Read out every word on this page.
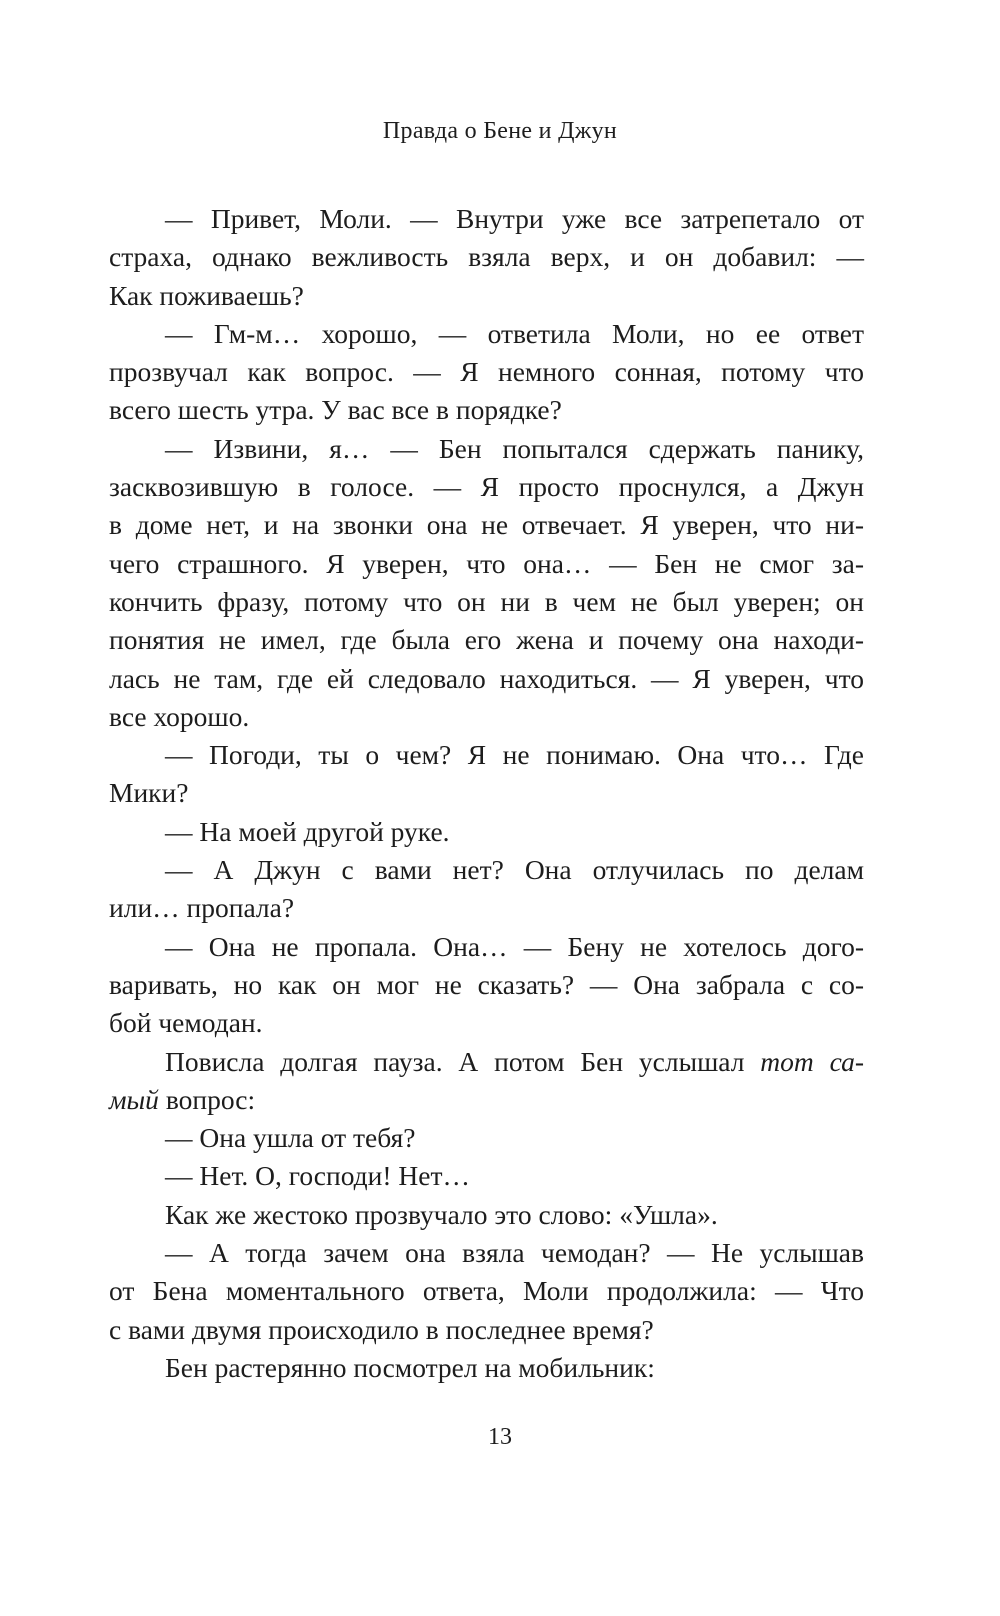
Правда о Бене и Джун
— Привет, Моли. — Внутри уже все затрепетало от
страха, однако вежливость взяла верх, и он добавил: —
Как поживаешь?
— Гм-м… хорошо, — ответила Моли, но ее ответ
прозвучал как вопрос. — Я немного сонная, потому что
всего шесть утра. У вас все в порядке?
— Извини, я… — Бен попытался сдержать панику,
засквозившую в голосе. — Я просто проснулся, а Джун
в доме нет, и на звонки она не отвечает. Я уверен, что ни-
чего страшного. Я уверен, что она… — Бен не смог за-
кончить фразу, потому что он ни в чем не был уверен; он
понятия не имел, где была его жена и почему она находи-
лась не там, где ей следовало находиться. — Я уверен, что
все хорошо.
— Погоди, ты о чем? Я не понимаю. Она что… Где
Мики?
— На моей другой руке.
— А Джун с вами нет? Она отлучилась по делам
или… пропала?
— Она не пропала. Она… — Бену не хотелось дого-
варивать, но как он мог не сказать? — Она забрала с со-
бой чемодан.
Повисла долгая пауза. А потом Бен услышал тот са-
мый вопрос:
— Она ушла от тебя?
— Нет. О, господи! Нет…
Как же жестоко прозвучало это слово: «Ушла».
— А тогда зачем она взяла чемодан? — Не услышав
от Бена моментального ответа, Моли продолжила: — Что
с вами двумя происходило в последнее время?
Бен растерянно посмотрел на мобильник:
13
